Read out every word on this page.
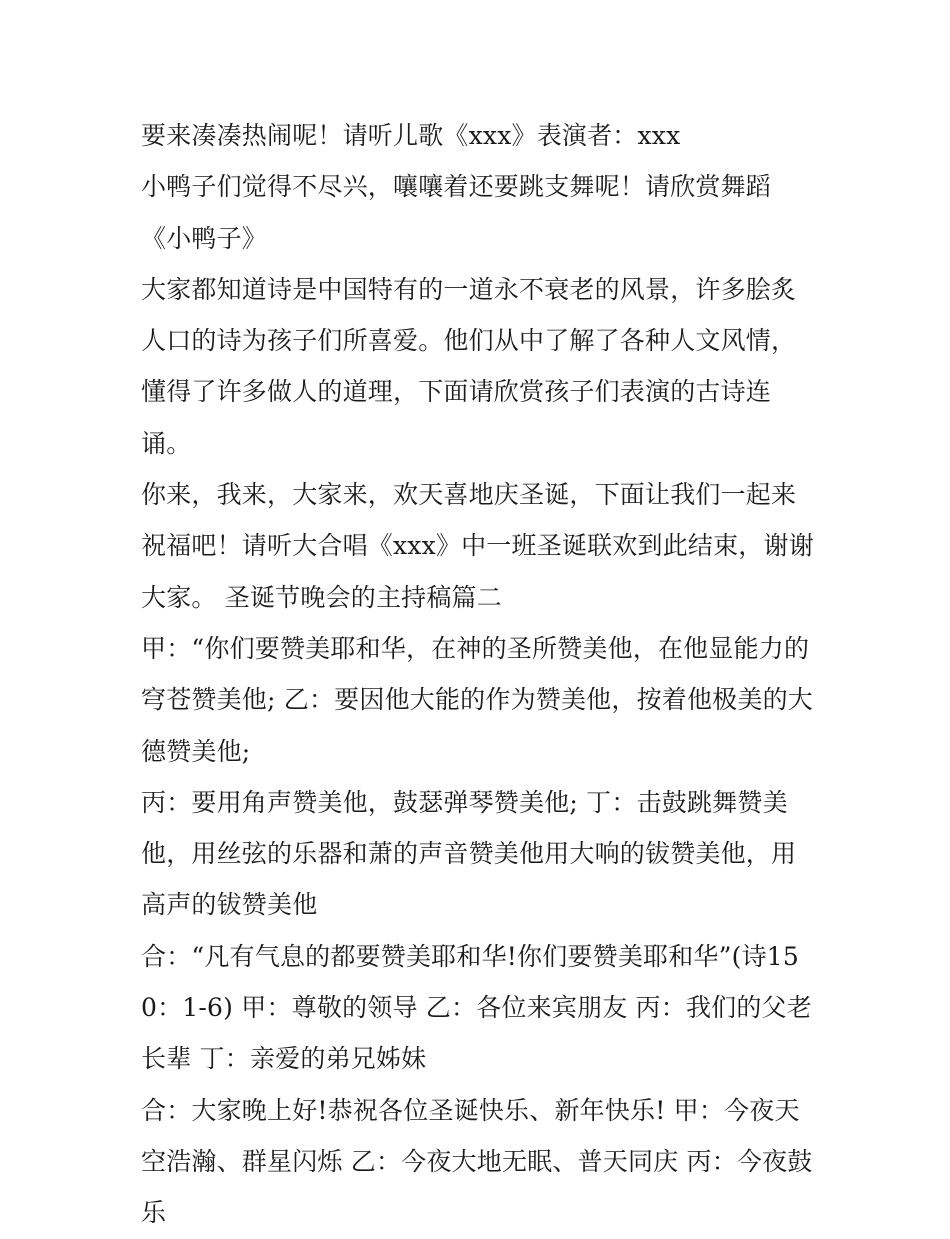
要来凑凑热闹呢！请听儿歌《xxx》表演者：xxx

小鸭子们觉得不尽兴，嚷嚷着还要跳支舞呢！请欣赏舞蹈《小鸭子》

大家都知道诗是中国特有的一道永不衰老的风景，许多脍炙人口的诗为孩子们所喜爱。他们从中了解了各种人文风情，懂得了许多做人的道理，下面请欣赏孩子们表演的古诗连诵。

你来，我来，大家来，欢天喜地庆圣诞，下面让我们一起来祝福吧！请听大合唱《xxx》中一班圣诞联欢到此结束，谢谢大家。 圣诞节晚会的主持稿篇二

甲：“你们要赞美耶和华，在神的圣所赞美他，在他显能力的穹苍赞美他; 乙：要因他大能的作为赞美他，按着他极美的大德赞美他;

丙：要用角声赞美他，鼓瑟弹琴赞美他; 丁：击鼓跳舞赞美他，用丝弦的乐器和萧的声音赞美他用大响的钹赞美他，用高声的钹赞美他

合：“凡有气息的都要赞美耶和华!你们要赞美耶和华”(诗150：1-6) 甲：尊敬的领导 乙：各位来宾朋友 丙：我们的父老长辈 丁：亲爱的弟兄姊妹

合：大家晚上好!恭祝各位圣诞快乐、新年快乐! 甲：今夜天空浩瀚、群星闪烁 乙：今夜大地无眠、普天同庆 丙：今夜鼓乐
